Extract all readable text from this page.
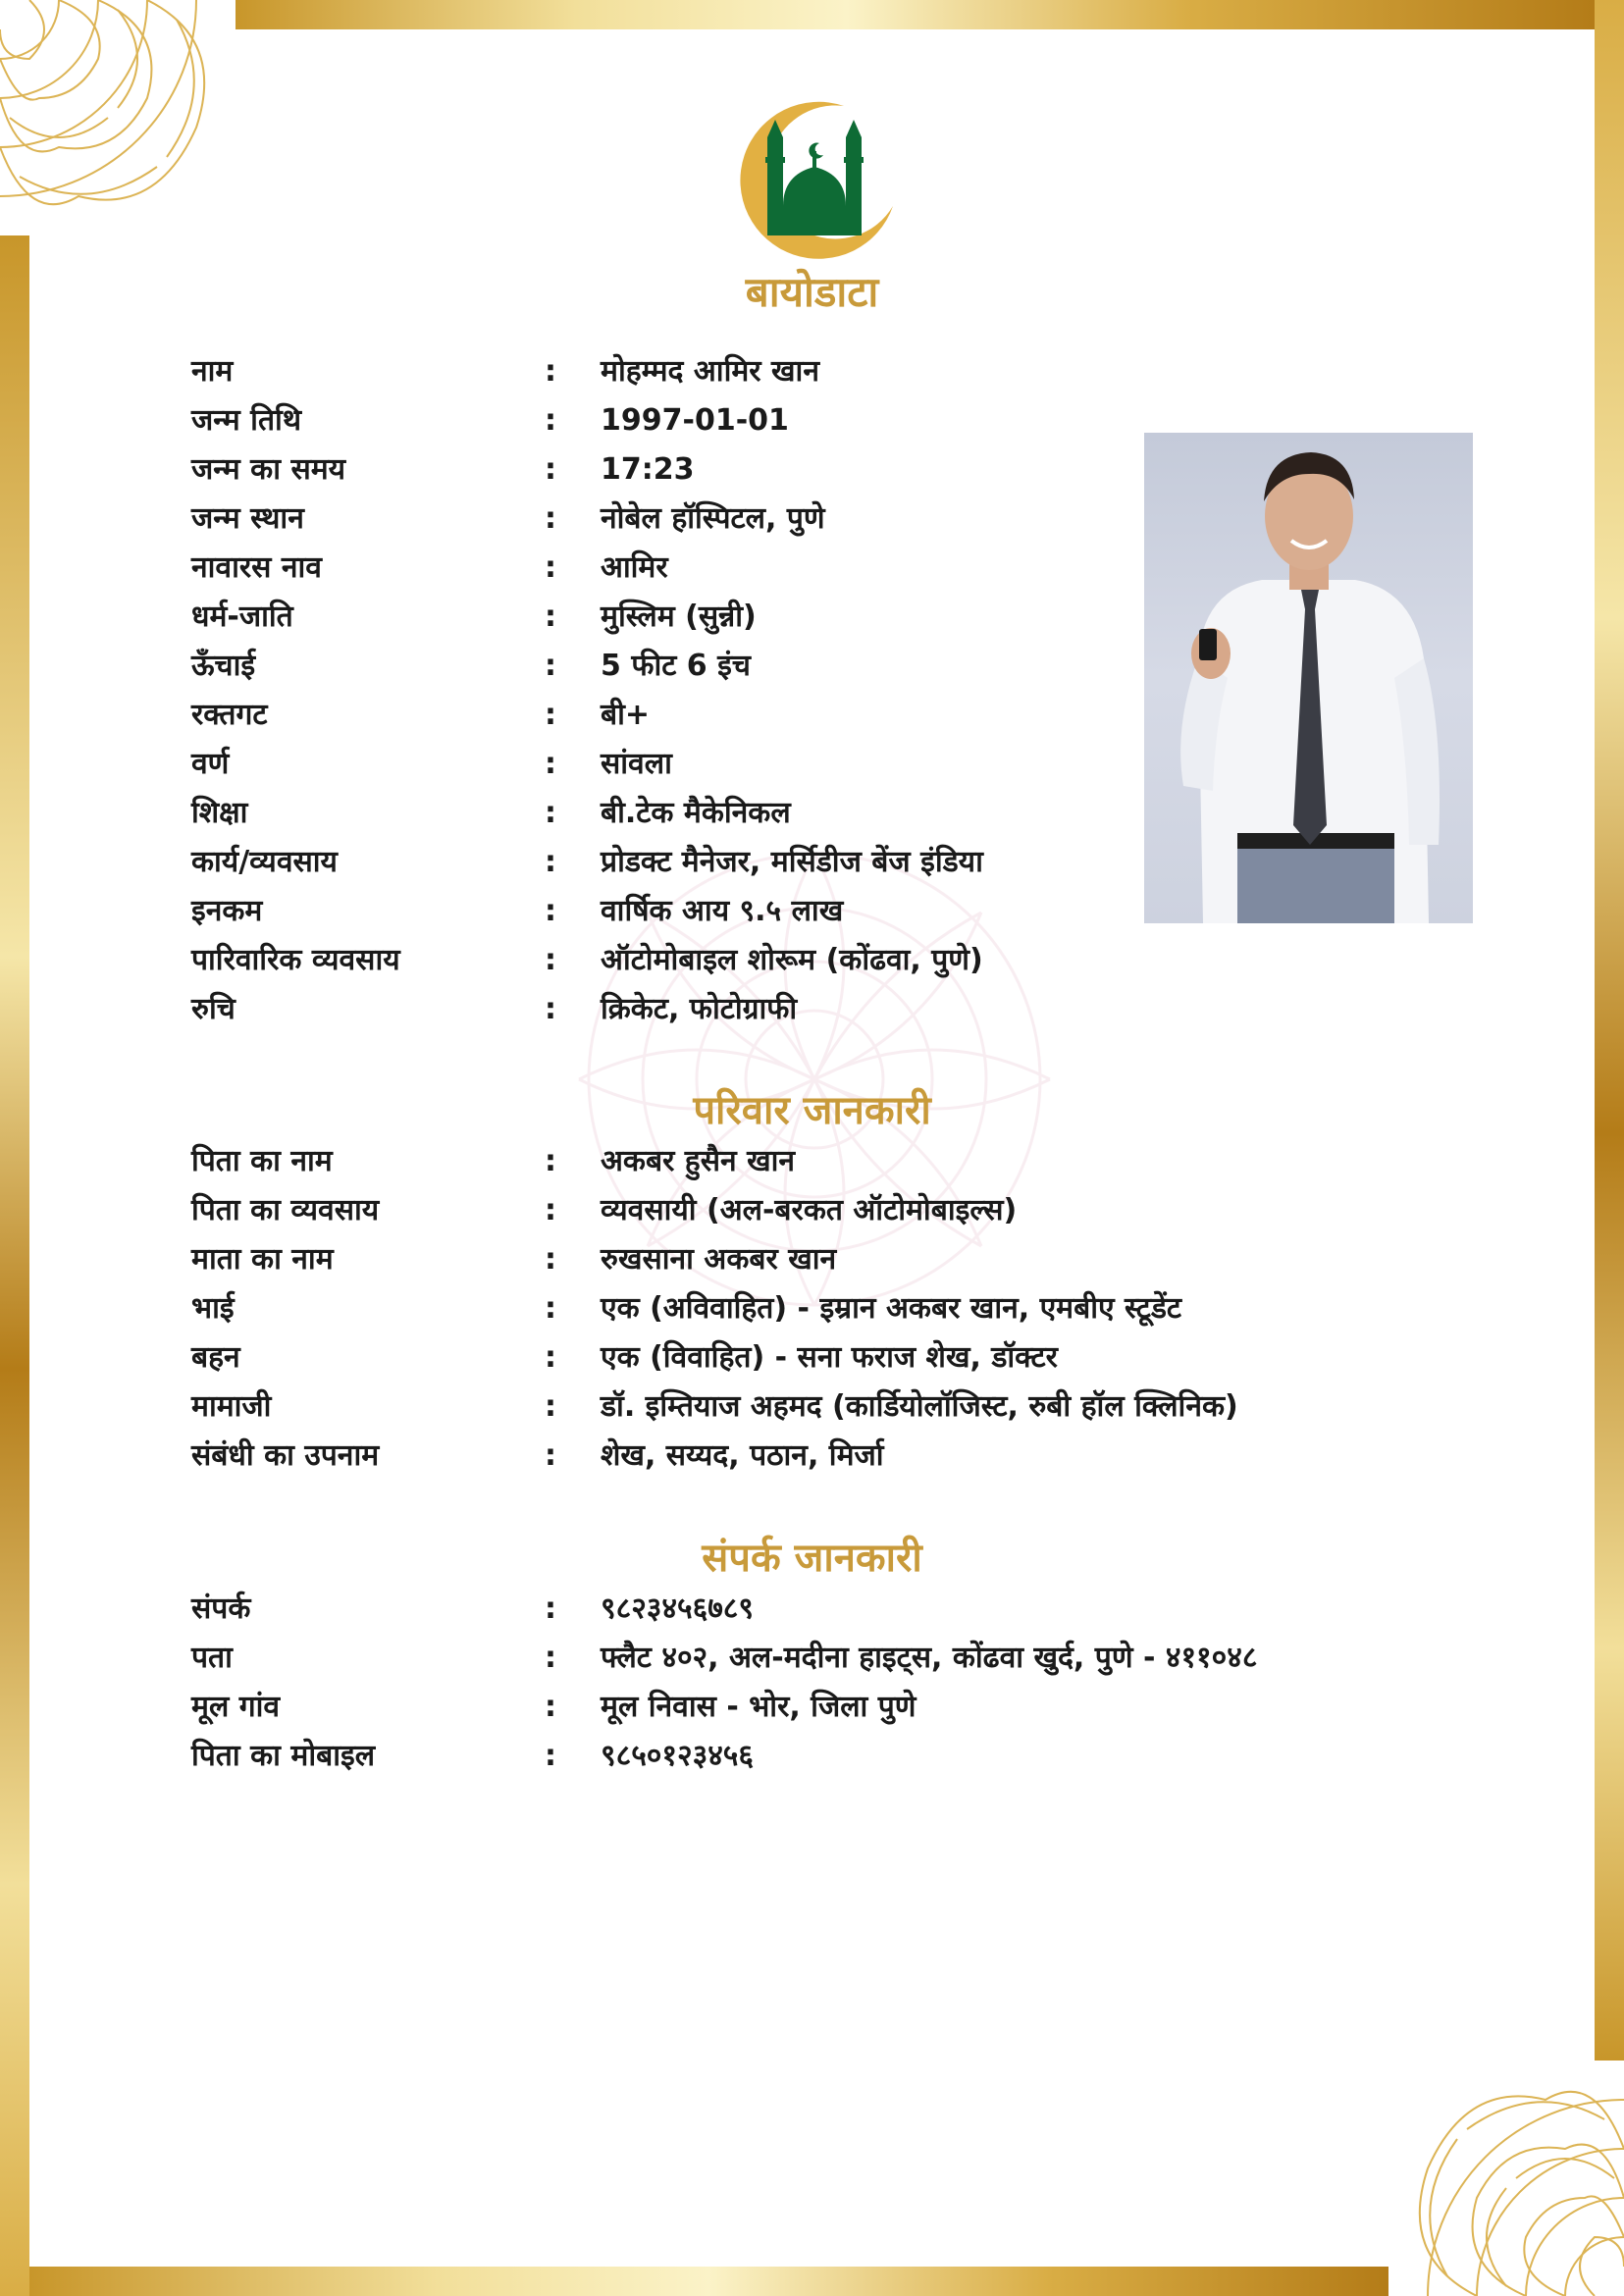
बायोडाटा
नाम	: मोहम्मद आमिर खान
जन्म तिथि	: 1997-01-01
जन्म का समय	: 17:23
जन्म स्थान	: नोबेल हॉस्पिटल, पुणे
नावारस नाव	: आमिर
धर्म-जाति	: मुस्लिम (सुन्नी)
ऊँचाई	: 5 फीट 6 इंच
रक्तगट	: बी+
वर्ण	: सांवला
शिक्षा	: बी.टेक मैकेनिकल
कार्य/व्यवसाय	: प्रोडक्ट मैनेजर, मर्सिडीज बेंज इंडिया
इनकम	: वार्षिक आय ९.५ लाख
पारिवारिक व्यवसाय	: ऑटोमोबाइल शोरूम (कोंढवा, पुणे)
रुचि	: क्रिकेट, फोटोग्राफी
परिवार जानकारी
पिता का नाम	: अकबर हुसैन खान
पिता का व्यवसाय	: व्यवसायी (अल-बरकत ऑटोमोबाइल्स)
माता का नाम	: रुखसाना अकबर खान
भाई	: एक (अविवाहित) - इम्रान अकबर खान, एमबीए स्टूडेंट
बहन	: एक (विवाहित) - सना फराज शेख, डॉक्टर
मामाजी	: डॉ. इम्तियाज अहमद (कार्डियोलॉजिस्ट, रुबी हॉल क्लिनिक)
संबंधी का उपनाम	: शेख, सय्यद, पठान, मिर्जा
संपर्क जानकारी
संपर्क	: ९८२३४५६७८९
पता	: फ्लैट ४०२, अल-मदीना हाइट्स, कोंढवा खुर्द, पुणे - ४११०४८
मूल गांव	: मूल निवास - भोर, जिला पुणे
पिता का मोबाइल	: ९८५०१२३४५६
